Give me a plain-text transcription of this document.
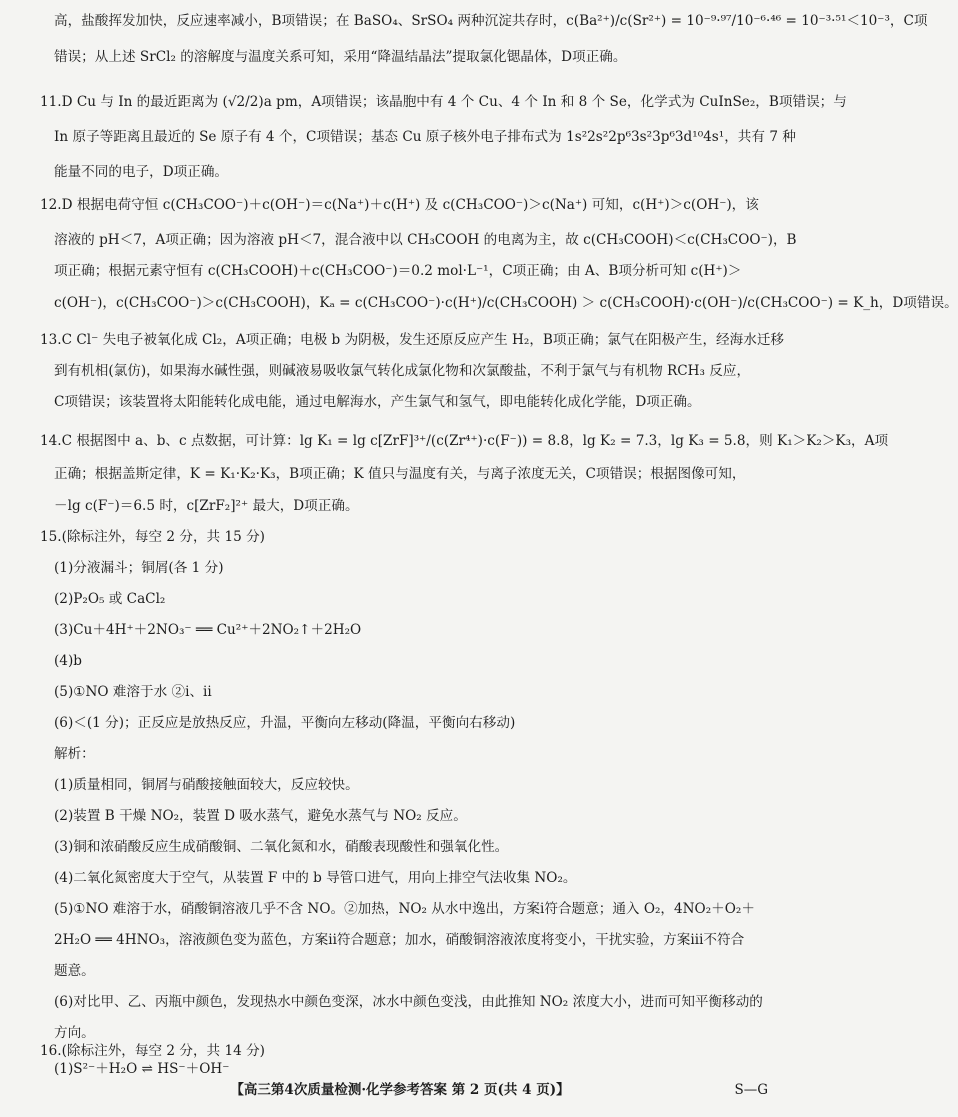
高，盐酸挥发加快，反应速率减小，B项错误；在 BaSO₄、SrSO₄ 两种沉淀共存时，c(Ba²⁺)/c(Sr²⁺) = 10⁻⁹·⁹⁷/10⁻⁶·⁴⁶ = 10⁻³·⁵¹＜10⁻³，C项
错误；从上述 SrCl₂ 的溶解度与温度关系可知，采用“降温结晶法”提取氯化锶晶体，D项正确。
11.D Cu 与 In 的最近距离为 (√2/2)a pm，A项错误；该晶胞中有 4 个 Cu、4 个 In 和 8 个 Se，化学式为 CuInSe₂，B项错误；与
In 原子等距离且最近的 Se 原子有 4 个，C项错误；基态 Cu 原子核外电子排布式为 1s²2s²2p⁶3s²3p⁶3d¹⁰4s¹，共有 7 种
能量不同的电子，D项正确。
12.D 根据电荷守恒 c(CH₃COO⁻)＋c(OH⁻)＝c(Na⁺)＋c(H⁺) 及 c(CH₃COO⁻)＞c(Na⁺) 可知，c(H⁺)＞c(OH⁻)，该
溶液的 pH＜7，A项正确；因为溶液 pH＜7，混合液中以 CH₃COOH 的电离为主，故 c(CH₃COOH)＜c(CH₃COO⁻)，B
项正确；根据元素守恒有 c(CH₃COOH)＋c(CH₃COO⁻)＝0.2 mol·L⁻¹，C项正确；由 A、B项分析可知 c(H⁺)＞
c(OH⁻)，c(CH₃COO⁻)＞c(CH₃COOH)，Kₐ = c(CH₃COO⁻)·c(H⁺)/c(CH₃COOH) ＞ c(CH₃COOH)·c(OH⁻)/c(CH₃COO⁻) = K_h，D项错误。
13.C Cl⁻ 失电子被氧化成 Cl₂，A项正确；电极 b 为阴极，发生还原反应产生 H₂，B项正确；氯气在阳极产生，经海水迁移
到有机相(氯仿)，如果海水碱性强，则碱液易吸收氯气转化成氯化物和次氯酸盐，不利于氯气与有机物 RCH₃ 反应，
C项错误；该装置将太阳能转化成电能，通过电解海水，产生氯气和氢气，即电能转化成化学能，D项正确。
14.C 根据图中 a、b、c 点数据，可计算：lg K₁ = lg c[ZrF]³⁺/(c(Zr⁴⁺)·c(F⁻)) = 8.8，lg K₂ = 7.3，lg K₃ = 5.8，则 K₁＞K₂＞K₃，A项
正确；根据盖斯定律，K = K₁·K₂·K₃，B项正确；K 值只与温度有关，与离子浓度无关，C项错误；根据图像可知，
－lg c(F⁻)＝6.5 时，c[ZrF₂]²⁺ 最大，D项正确。
15.(除标注外，每空 2 分，共 15 分)
(1)分液漏斗；铜屑(各 1 分)
(2)P₂O₅ 或 CaCl₂
(3)Cu＋4H⁺＋2NO₃⁻ ══ Cu²⁺＋2NO₂↑＋2H₂O
(4)b
(5)①NO 难溶于水 ②ⅰ、ⅱ
(6)＜(1 分)；正反应是放热反应，升温，平衡向左移动(降温，平衡向右移动)
解析：
(1)质量相同，铜屑与硝酸接触面较大，反应较快。
(2)装置 B 干燥 NO₂，装置 D 吸水蒸气，避免水蒸气与 NO₂ 反应。
(3)铜和浓硝酸反应生成硝酸铜、二氧化氮和水，硝酸表现酸性和强氧化性。
(4)二氧化氮密度大于空气，从装置 F 中的 b 导管口进气，用向上排空气法收集 NO₂。
(5)①NO 难溶于水，硝酸铜溶液几乎不含 NO。②加热，NO₂ 从水中逸出，方案ⅰ符合题意；通入 O₂，4NO₂＋O₂＋
2H₂O ══ 4HNO₃，溶液颜色变为蓝色，方案ⅱ符合题意；加水，硝酸铜溶液浓度将变小，干扰实验，方案ⅲ不符合
题意。
(6)对比甲、乙、丙瓶中颜色，发现热水中颜色变深，冰水中颜色变浅，由此推知 NO₂ 浓度大小，进而可知平衡移动的
方向。
16.(除标注外，每空 2 分，共 14 分)
(1)S²⁻＋H₂O ⇌ HS⁻＋OH⁻
【高三第4次质量检测·化学参考答案 第 2 页(共 4 页)】	S—G
